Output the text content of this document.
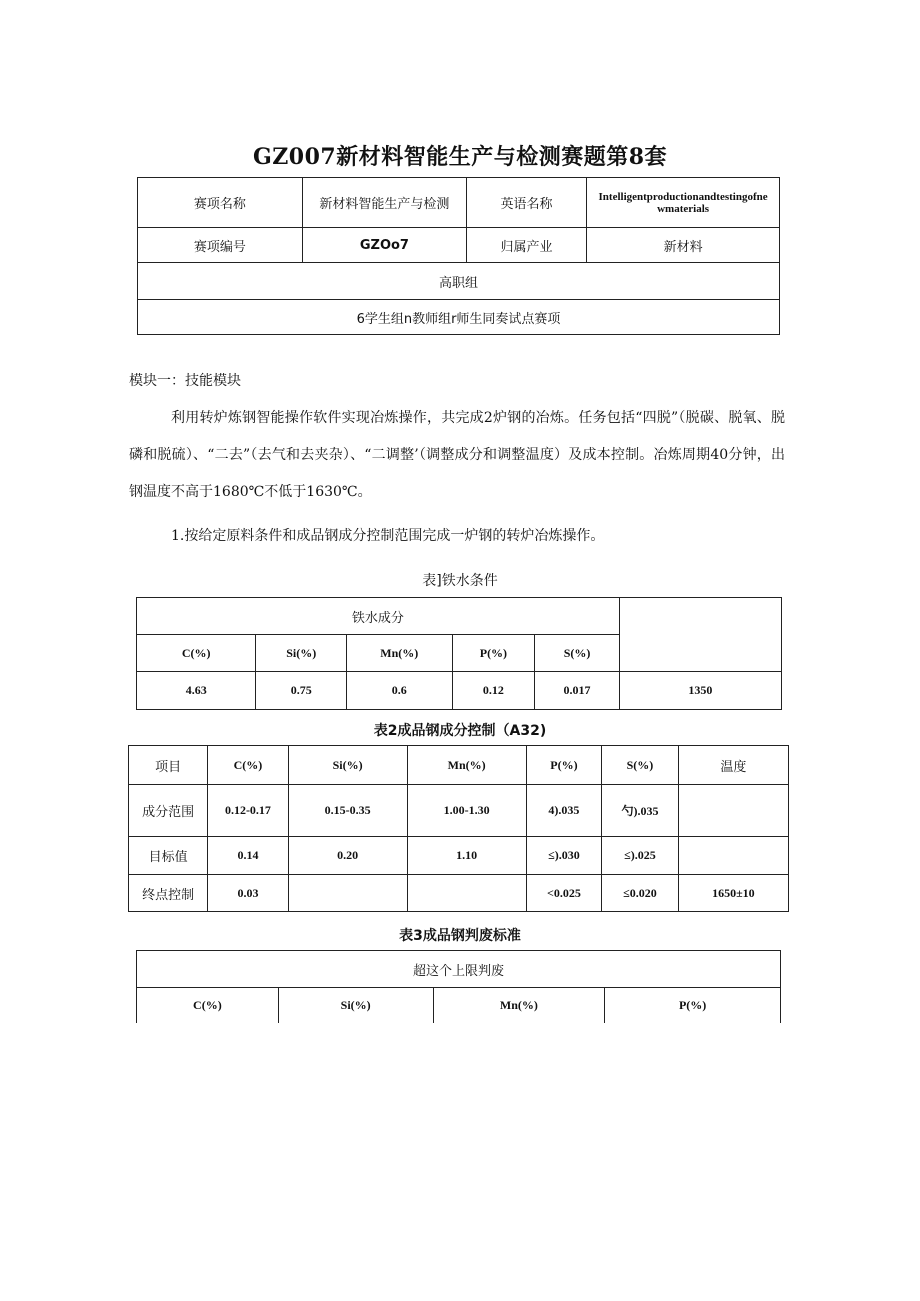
GZ007新材料智能生产与检测赛题第8套
赛项名称	新材料智能生产与检测	英语名称	Intelligentproductionandtestingofne
wmaterials

赛项编号	GZOo7	归属产业	新材料
高职组			
6学生组n教师组r师生同奏试点赛项			
模块一：技能模块
利用转炉炼钢智能操作软件实现冶炼操作，共完成2炉钢的冶炼。任务包括“四脱”（脱碳、脱氧、脱磷和脱硫）、“二去”（去气和去夹杂）、“二调整’（调整成分和调整温度）及成本控制。冶炼周期40分钟，出钢温度不高于1680℃不低于1630℃。
1.按给定原料条件和成品钢成分控制范围完成一炉钢的转炉冶炼操作。
表]铁水条件
铁水成分					
C(%)	Si(%)	Mn(%)	P(%)	S(%)	
4.63	0.75	0.6	0.12	0.017	1350
表2成品钢成分控制（A32)
项目	C(%)	Si(%)	Mn(%)	P(%)	S(%)	温度
成分范围	0.12-0.17	0.15-0.35	1.00-1.30	4).035	勺).035	
目标值	0.14	0.20	1.10	≤).030	≤).025	
终点控制	0.03			<0.025	≤0.020	1650±10
表3成品钢判废标准
超这个上限判废
C(%)	Si(%)	Mn(%)	P(%)
